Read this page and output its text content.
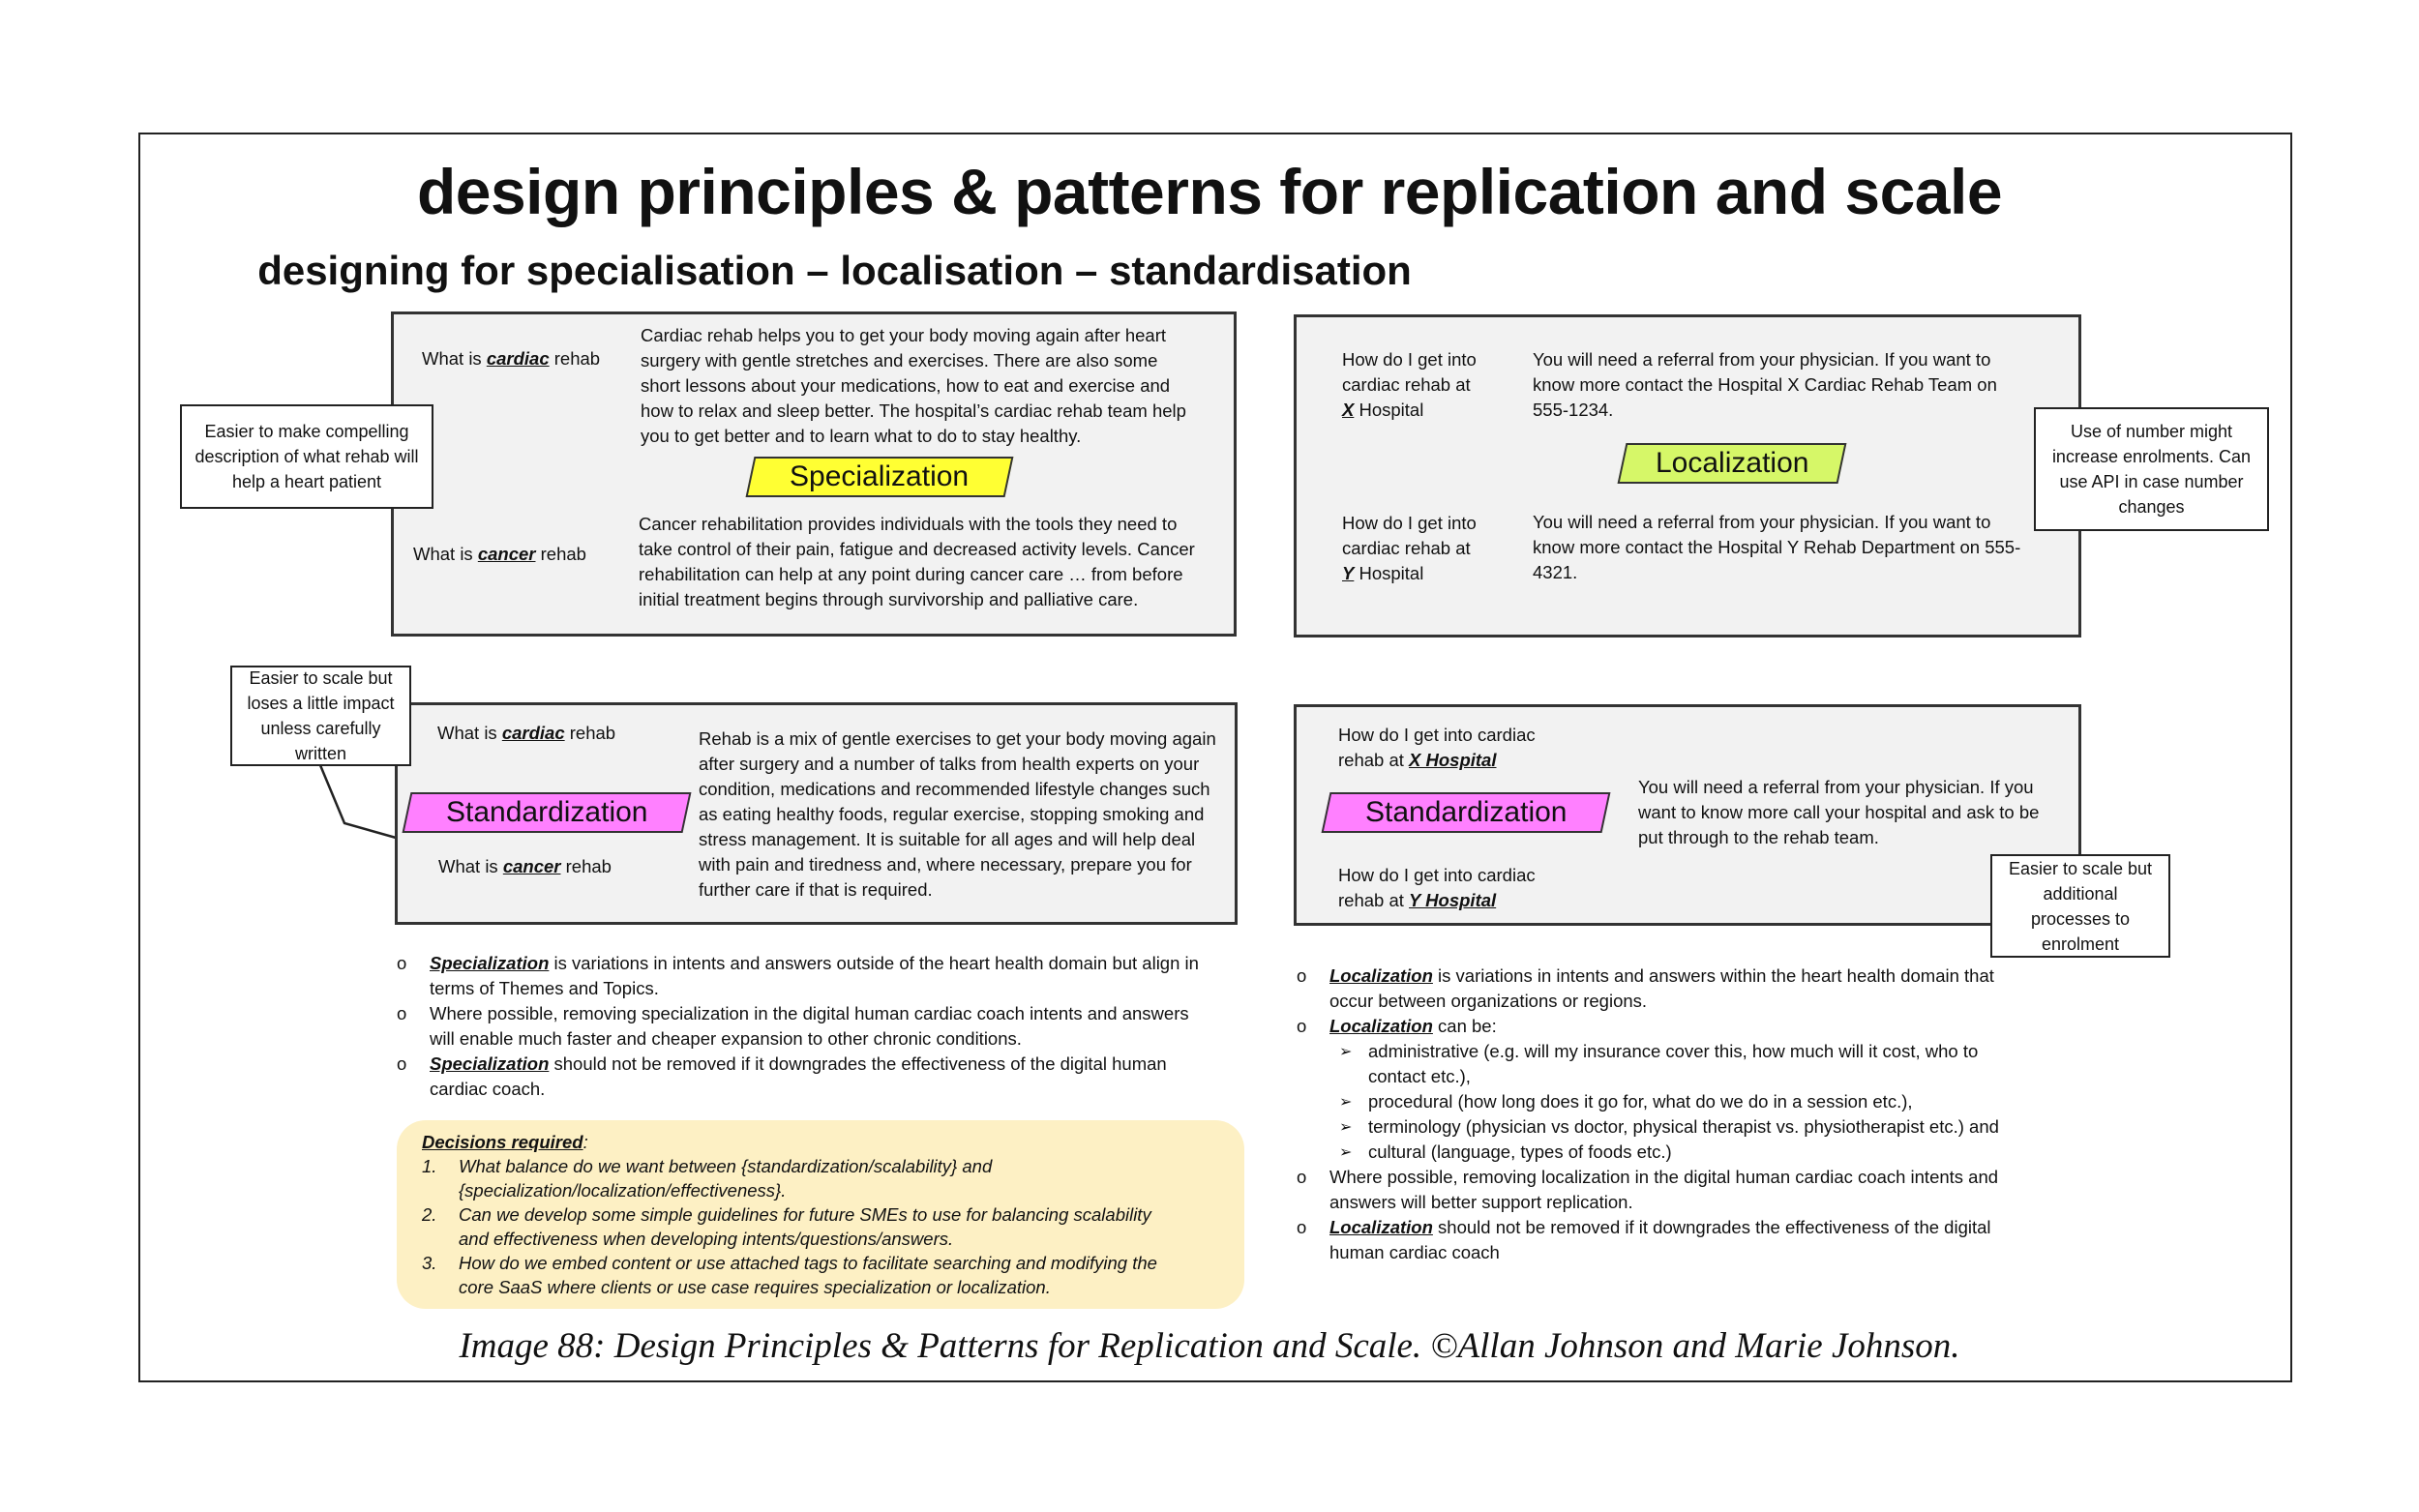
design principles & patterns for replication and scale
designing for specialisation – localisation – standardisation
What is cardiac rehab
Cardiac rehab helps you to get your body moving again after heart
surgery with gentle stretches and exercises. There are also some
short lessons about your medications, how to eat and exercise and
how to relax and sleep better. The hospital’s cardiac rehab team help
you to get better and to learn what to do to stay healthy.
Specialization
What is cancer rehab
Cancer rehabilitation provides individuals with the tools they need to
take control of their pain, fatigue and decreased activity levels. Cancer
rehabilitation can help at any point during cancer care … from before
initial treatment begins through survivorship and palliative care.
How do I get into
cardiac rehab at
X Hospital
You will need a referral from your physician. If you want to
know more contact the Hospital X Cardiac Rehab Team on
555-1234.
Localization
How do I get into
cardiac rehab at
Y Hospital
You will need a referral from your physician. If you want to
know more contact the Hospital Y Rehab Department on 555-
4321.
What is cardiac rehab
Standardization
What is cancer rehab
Rehab is a mix of gentle exercises to get your body moving again
after surgery and a number of talks from health experts on your
condition, medications and recommended lifestyle changes such
as eating healthy foods, regular exercise, stopping smoking and
stress management. It is suitable for all ages and will help deal
with pain and tiredness and, where necessary, prepare you for
further care if that is required.
How do I get into cardiac
rehab at X Hospital
Standardization
How do I get into cardiac
rehab at Y Hospital
You will need a referral from your physician. If you
want to know more call your hospital and ask to be
put through to the rehab team.
Easier to make compelling description of what rehab will help a heart patient
Use of number might increase enrolments. Can use API in case number changes
Easier to scale but loses a little impact unless carefully written
Easier to scale but additional processes to enrolment
o Specialization is variations in intents and answers outside of the heart health domain but align in
terms of Themes and Topics.
o Where possible, removing specialization in the digital human cardiac coach intents and answers
will enable much faster and cheaper expansion to other chronic conditions.
o Specialization should not be removed if it downgrades the effectiveness of the digital human
cardiac coach.
o Localization is variations in intents and answers within the heart health domain that
occur between organizations or regions.
o Localization can be:
➢ administrative (e.g. will my insurance cover this, how much will it cost, who to
contact etc.),
➢ procedural (how long does it go for, what do we do in a session etc.),
➢ terminology (physician vs doctor, physical therapist vs. physiotherapist etc.) and
➢ cultural (language, types of foods etc.)
o Where possible, removing localization in the digital human cardiac coach intents and
answers will better support replication.
o Localization should not be removed if it downgrades the effectiveness of the digital
human cardiac coach
Decisions required:
1. What balance do we want between {standardization/scalability} and
{specialization/localization/effectiveness}.
2. Can we develop some simple guidelines for future SMEs to use for balancing scalability
and effectiveness when developing intents/questions/answers.
3. How do we embed content or use attached tags to facilitate searching and modifying the
core SaaS where clients or use case requires specialization or localization.
Image 88: Design Principles & Patterns for Replication and Scale. ©Allan Johnson and Marie Johnson.
